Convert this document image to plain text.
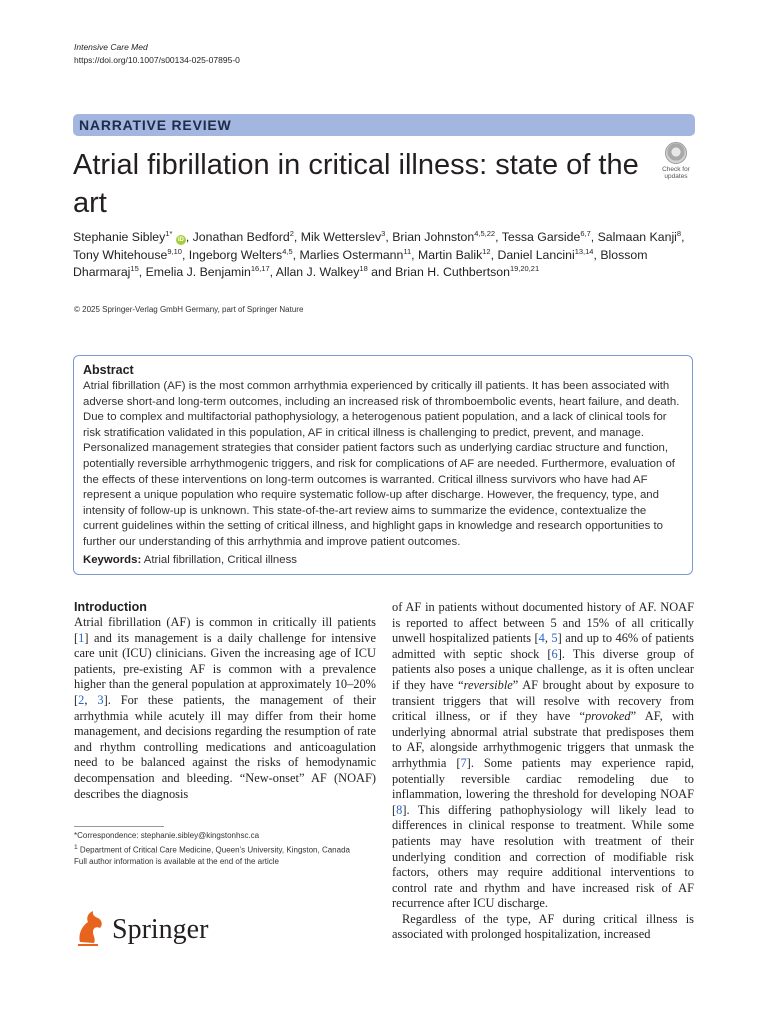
Intensive Care Med
https://doi.org/10.1007/s00134-025-07895-0
NARRATIVE REVIEW
Atrial fibrillation in critical illness: state of the art
Check for updates
Stephanie Sibley$^{1*}$ iD , Jonathan Bedford$^2$, Mik Wetterslev$^3$, Brian Johnston$^{4,5,22}$, Tessa Garside$^{6,7}$, Salmaan Kanji$^8$, Tony Whitehouse$^{9,10}$, Ingeborg Welters$^{4,5}$, Marlies Ostermann$^{11}$, Martin Balik$^{12}$, Daniel Lancini$^{13,14}$, Blossom Dharmaraj$^{15}$, Emelia J. Benjamin$^{16,17}$, Allan J. Walkey$^{18}$ and Brian H. Cuthbertson$^{19,20,21}$
© 2025 Springer-Verlag GmbH Germany, part of Springer Nature
Abstract

Atrial fibrillation (AF) is the most common arrhythmia experienced by critically ill patients. It has been associated with adverse short-and long-term outcomes, including an increased risk of thromboembolic events, heart failure, and death. Due to complex and multifactorial pathophysiology, a heterogenous patient population, and a lack of clinical tools for risk stratification validated in this population, AF in critical illness is challenging to predict, prevent, and manage. Personalized management strategies that consider patient factors such as underlying cardiac structure and function, potentially reversible arrhythmogenic triggers, and risk for complications of AF are needed. Furthermore, evaluation of the effects of these interventions on long-term outcomes is warranted. Critical illness survivors who have had AF represent a unique population who require systematic follow-up after discharge. However, the frequency, type, and intensity of follow-up is unknown. This state-of-the-art review aims to summarize the evidence, contextualize the current guidelines within the setting of critical illness, and highlight gaps in knowledge and research opportunities to further our understanding of this arrhythmia and improve patient outcomes.

Keywords: Atrial fibrillation, Critical illness
Introduction

Atrial fibrillation (AF) is common in critically ill patients [1] and its management is a daily challenge for intensive care unit (ICU) clinicians. Given the increasing age of ICU patients, pre-existing AF is common with a prevalence higher than the general population at approximately 10–20% [2, 3]. For these patients, the management of their arrhythmia while acutely ill may differ from their home management, and decisions regarding the resumption of rate and rhythm controlling medications and anticoagulation need to be balanced against the risks of hemodynamic decompensation and bleeding. “New-onset” AF (NOAF) describes the diagnosis

of AF in patients without documented history of AF. NOAF is reported to affect between 5 and 15% of all critically unwell hospitalized patients [4, 5] and up to 46% of patients admitted with septic shock [6]. This diverse group of patients also poses a unique challenge, as it is often unclear if they have “reversible” AF brought about by exposure to transient triggers that will resolve with recovery from critical illness, or if they have “provoked” AF, with underlying abnormal atrial substrate that predisposes them to AF, alongside arrhythmogenic triggers that unmask the arrhythmia [7]. Some patients may experience rapid, potentially reversible cardiac remodeling due to inflammation, lowering the threshold for developing NOAF [8]. This differing pathophysiology will likely lead to differences in clinical response to treatment. While some patients may have resolution with treatment of their underlying condition and correction of modifiable risk factors, others may require additional interventions to control rate and rhythm and have increased risk of AF recurrence after ICU discharge.

Regardless of the type, AF during critical illness is associated with prolonged hospitalization, increased

*Correspondence: stephanie.sibley@kingstonhsc.ca
$^1$ Department of Critical Care Medicine, Queen’s University, Kingston, Canada
Full author information is available at the end of the article
Springer
